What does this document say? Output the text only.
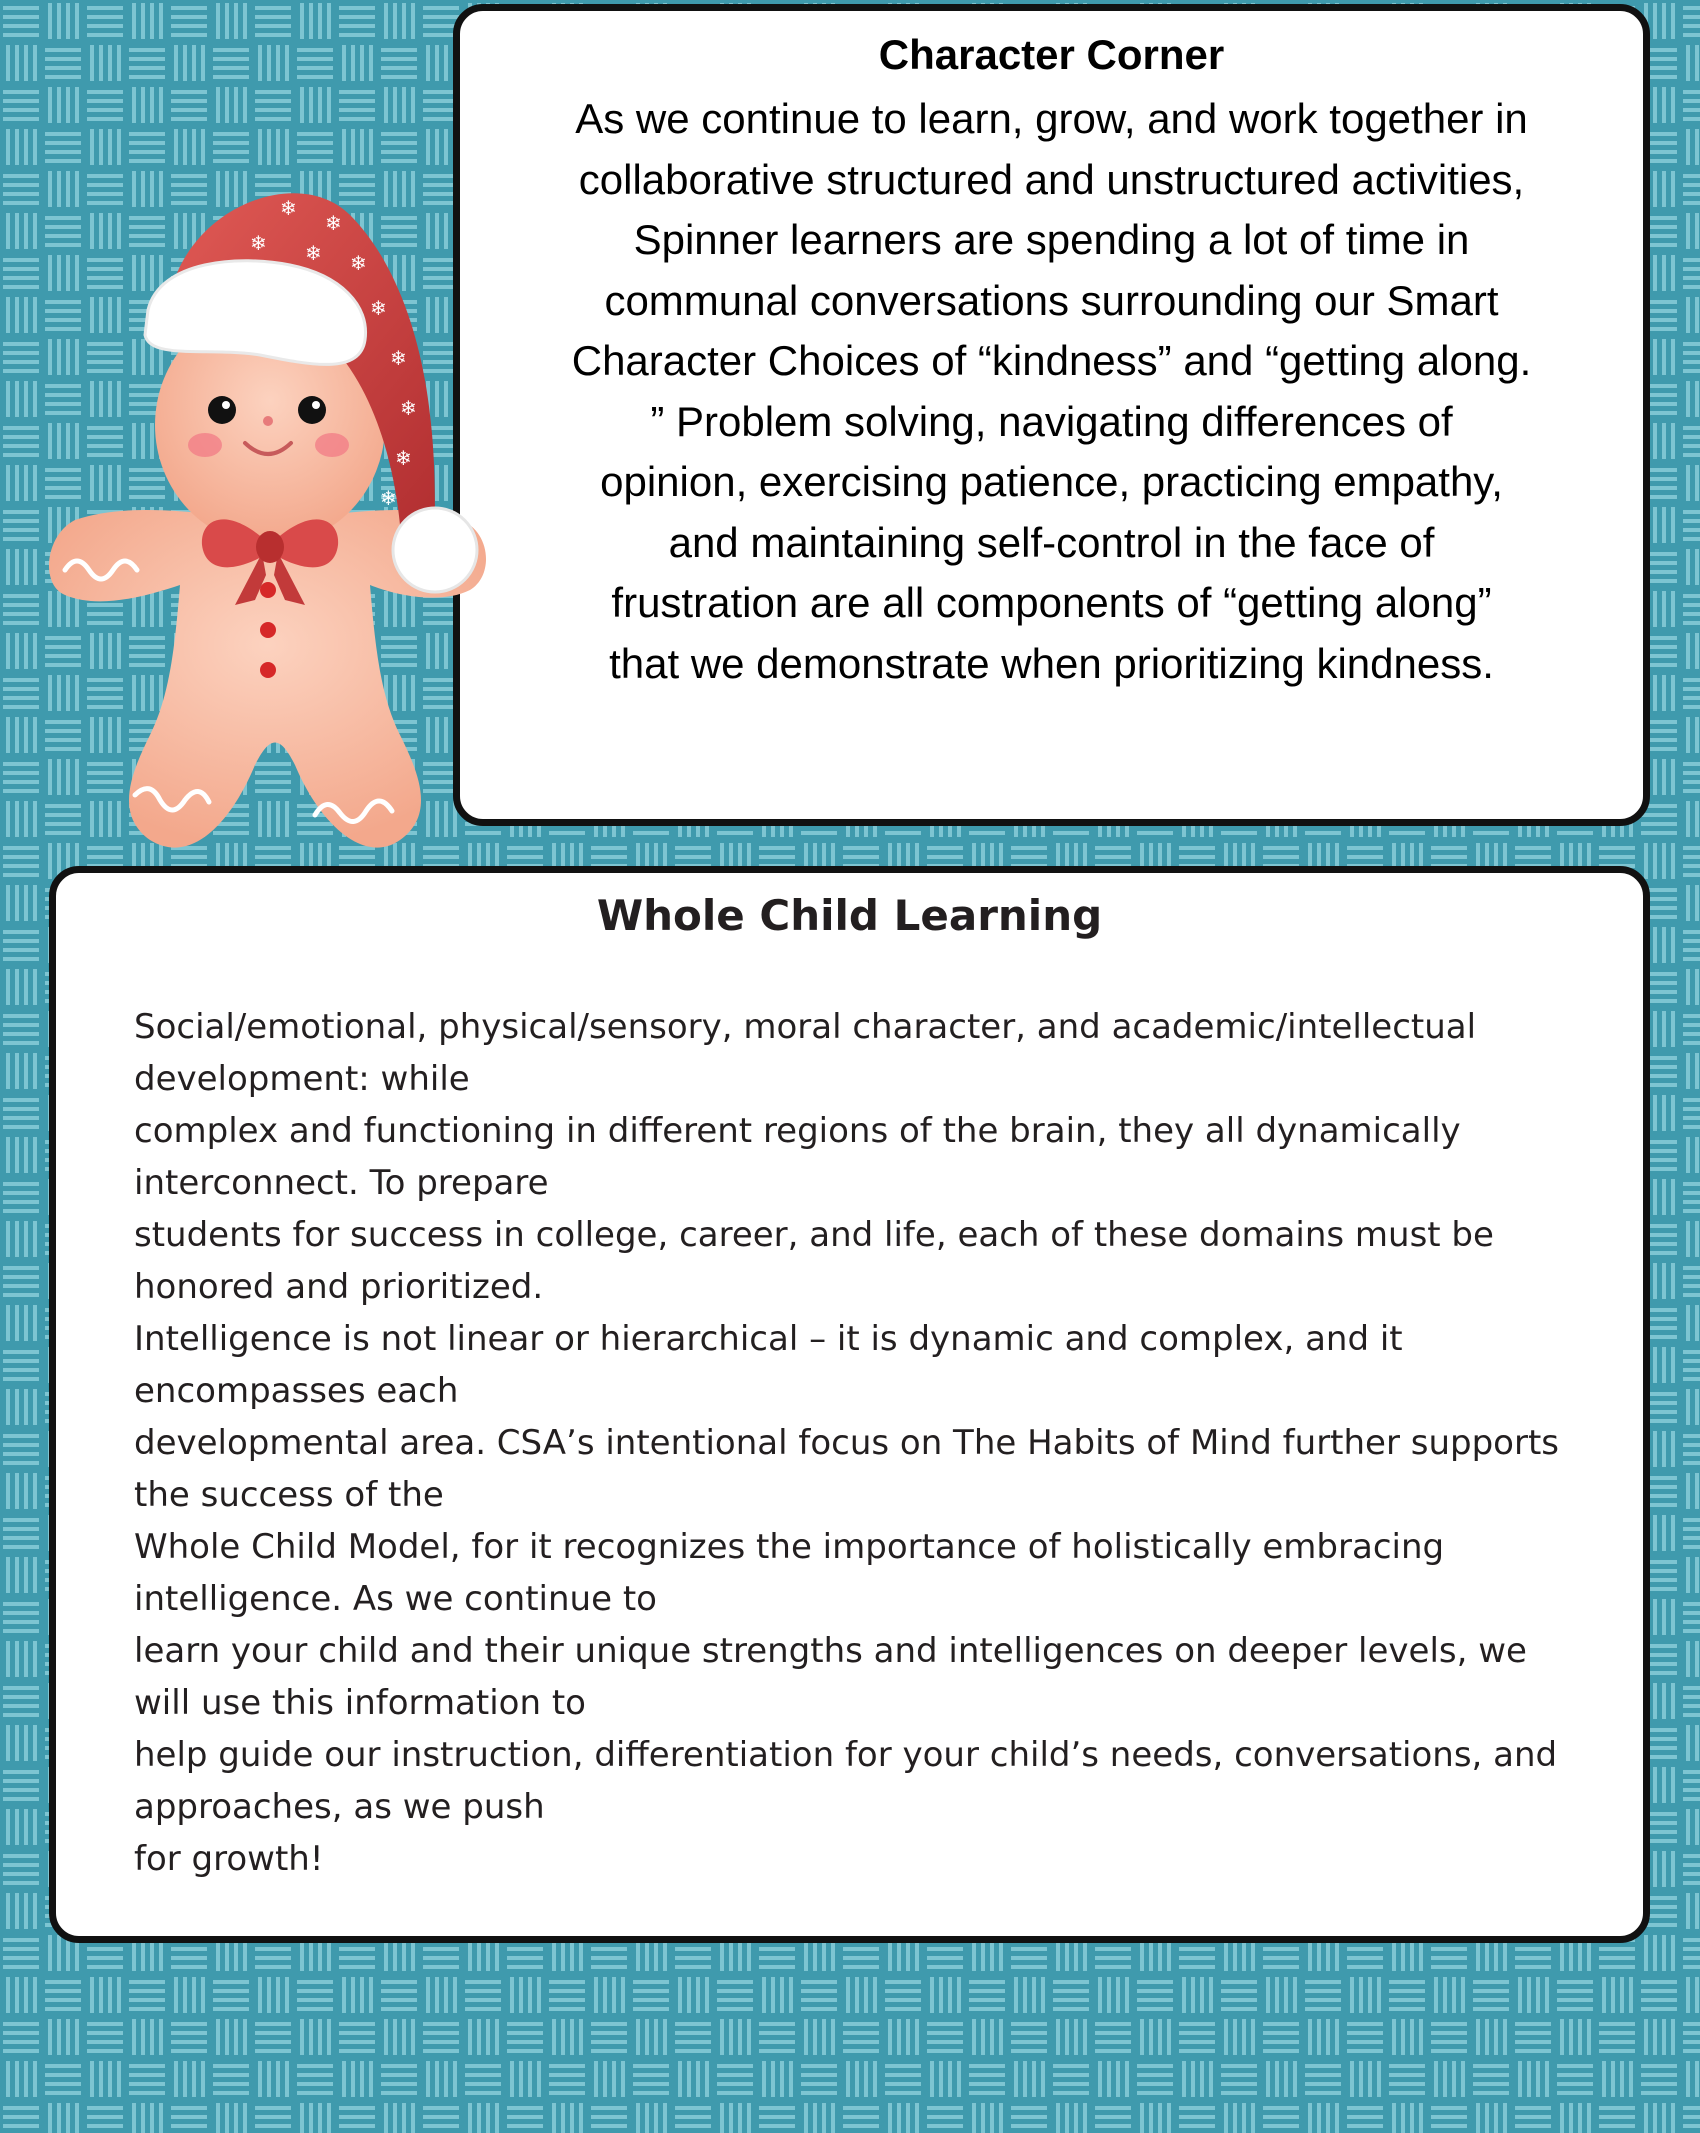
Character Corner

As we continue to learn, grow, and work together in
collaborative structured and unstructured activities,
Spinner learners are spending a lot of time in
communal conversations surrounding our Smart
Character Choices of “kindness” and “getting along.
” Problem solving, navigating differences of
opinion, exercising patience, practicing empathy,
and maintaining self-control in the face of
frustration are all components of “getting along”
that we demonstrate when prioritizing kindness.

Whole Child Learning

Social/emotional, physical/sensory, moral character, and academic/intellectual
development: while
complex and functioning in different regions of the brain, they all dynamically
interconnect. To prepare
students for success in college, career, and life, each of these domains must be
honored and prioritized.
Intelligence is not linear or hierarchical – it is dynamic and complex, and it
encompasses each
developmental area. CSA’s intentional focus on The Habits of Mind further supports
the success of the
Whole Child Model, for it recognizes the importance of holistically embracing
intelligence. As we continue to
learn your child and their unique strengths and intelligences on deeper levels, we
will use this information to
help guide our instruction, differentiation for your child’s needs, conversations, and
approaches, as we push
for growth!

❄
❄
❄ ❄ ❄
❄
❄
❄
❄
❄
